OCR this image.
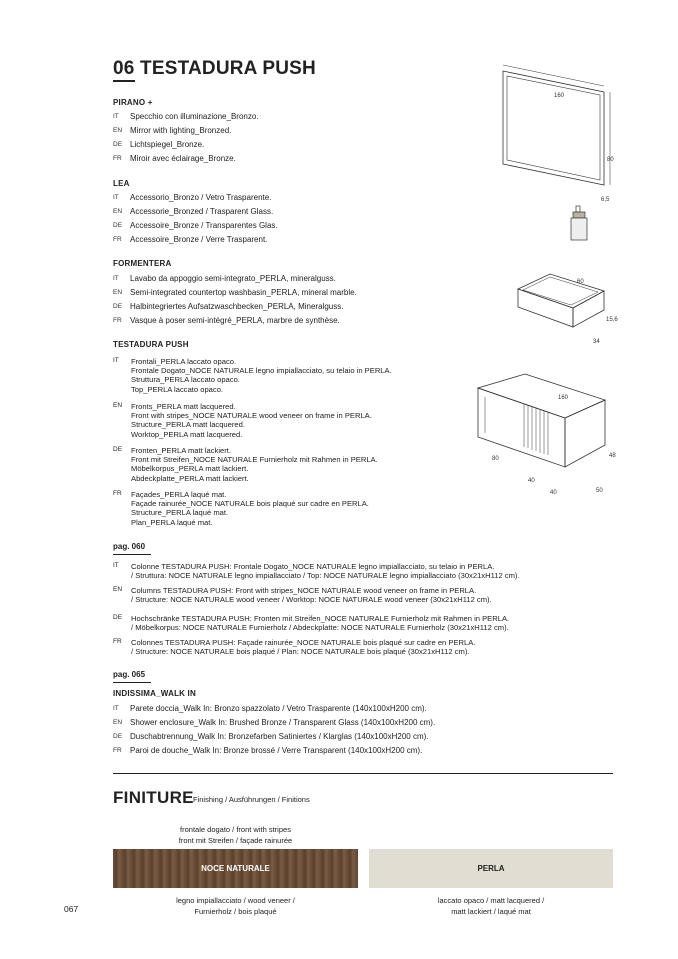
06 TESTADURA PUSH
PIRANO +
IT Specchio con illuminazione_Bronzo.
EN Mirror with lighting_Bronzed.
DE Lichtspiegel_Bronze.
FR Miroir avec éclairage_Bronze.
LEA
IT Accessorio_Bronzo / Vetro Trasparente.
EN Accessorie_Bronzed / Trasparent Glass.
DE Accessoire_Bronze / Transparentes Glas.
FR Accessoire_Bronze / Verre Trasparent.
FORMENTERA
IT Lavabo da appoggio semi-integrato_PERLA, mineralguss.
EN Semi-integrated countertop washbasin_PERLA, mineral marble.
DE Halbintegriertes Aufsatzwaschbecken_PERLA, Mineralguss.
FR Vasque à poser semi-intégré_PERLA, marbre de synthèse.
TESTADURA PUSH
IT Frontali_PERLA laccato opaco.
Frontale Dogato_NOCE NATURALE legno impiallacciato, su telaio in PERLA.
Struttura_PERLA laccato opaco.
Top_PERLA laccato opaco.
EN Fronts_PERLA matt lacquered.
Front with stripes_NOCE NATURALE wood veneer on frame in PERLA.
Structure_PERLA matt lacquered.
Worktop_PERLA matt lacquered.
DE Fronten_PERLA matt lackiert.
Front mit Streifen_NOCE NATURALE Furnierholz mit Rahmen in PERLA.
Möbelkorpus_PERLA matt lackiert.
Abdeckplatte_PERLA matt lackiert.
FR Façades_PERLA laqué mat.
Façade rainurée_NOCE NATURALE bois plaqué sur cadre en PERLA.
Structure_PERLA laqué mat.
Plan_PERLA laqué mat.
pag. 060
IT Colonne TESTADURA PUSH: Frontale Dogato_NOCE NATURALE legno impiallacciato, su telaio in PERLA.
/ Struttura: NOCE NATURALE legno impiallacciato / Top: NOCE NATURALE legno impiallacciato (30x21xH112 cm).
EN Columns TESTADURA PUSH: Front with stripes_NOCE NATURALE wood veneer on frame in PERLA.
/ Structure: NOCE NATURALE wood veneer / Worktop: NOCE NATURALE wood veneer (30x21xH112 cm).
DE Hochschränke TESTADURA PUSH: Fronten mit Streifen_NOCE NATURALE Furnierholz mit Rahmen in PERLA.
/ Möbelkorpus: NOCE NATURALE Furnierholz / Abdeckplatte: NOCE NATURALE Furnierholz (30x21xH112 cm).
FR Colonnes TESTADURA PUSH: Façade rainurée_NOCE NATURALE bois plaqué sur cadre en PERLA.
/ Structure: NOCE NATURALE bois plaqué / Plan: NOCE NATURALE bois plaqué (30x21xH112 cm).
pag. 065
INDISSIMA_WALK IN
IT Parete doccia_Walk In: Bronzo spazzolato / Vetro Trasparente (140x100xH200 cm).
EN Shower enclosure_Walk In: Brushed Bronze / Transparent Glass (140x100xH200 cm).
DE Duschabtrennung_Walk In: Bronzefarben Satiniertes / Klarglas (140x100xH200 cm).
FR Paroi de douche_Walk In: Bronze brossé / Verre Transparent (140x100xH200 cm).
160
80
6,5
60
15,6
34
160
48
50
80
40
40
FINITURE Finishing / Ausführungen / Finitions
frontale dogato / front with stripes
front mit Streifen / façade rainurée
NOCE NATURALE	PERLA
legno impiallacciato / wood veneer /
Furnierholz / bois plaqué
laccato opaco / matt lacquered /
matt lackiert / laqué mat
067
